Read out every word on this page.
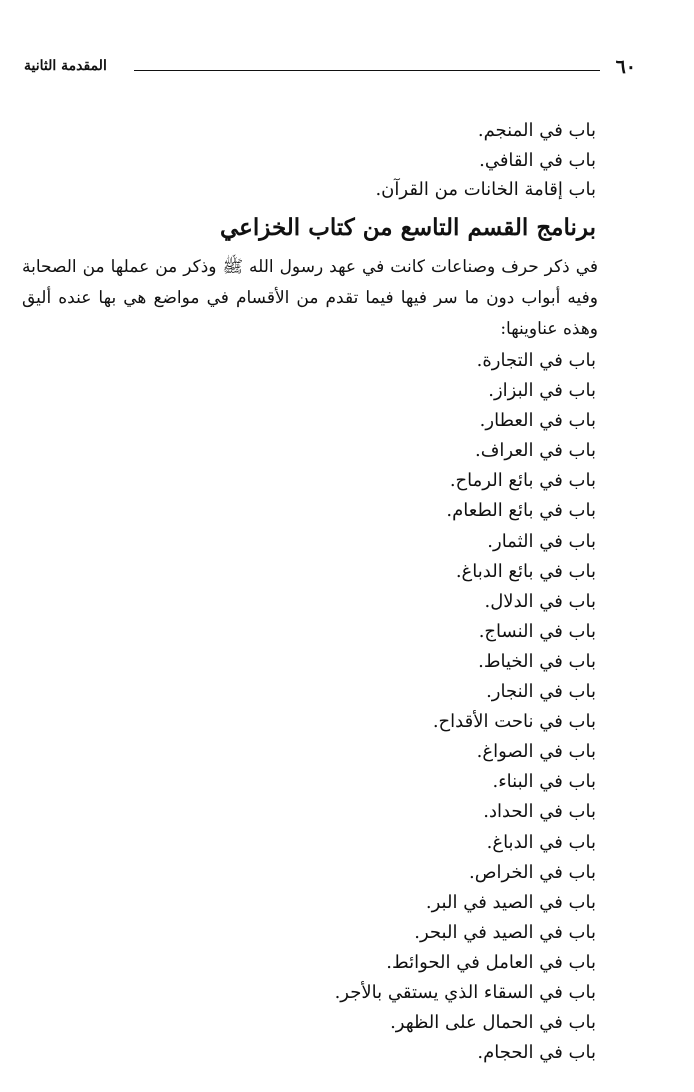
٦٠
المقدمة الثانية
باب في المنجم.
باب في القافي.
باب إقامة الخانات من القرآن.
برنامج القسم التاسع من كتاب الخزاعي

في ذكر حرف وصناعات كانت في عهد رسول الله ﷺ وذكر من عملها من الصحابة وفيه أبواب دون ما سر فيها فيما تقدم من الأقسام في مواضع هي بها عنده أليق وهذه عناوينها:

باب في التجارة.
باب في البزاز.
باب في العطار.
باب في العراف.
باب في بائع الرماح.
باب في بائع الطعام.
باب في الثمار.
باب في بائع الدباغ.
باب في الدلال.
باب في النساج.
باب في الخياط.
باب في النجار.
باب في ناحت الأقداح.
باب في الصواغ.
باب في البناء.
باب في الحداد.
باب في الدباغ.
باب في الخراص.
باب في الصيد في البر.
باب في الصيد في البحر.
باب في العامل في الحوائط.
باب في السقاء الذي يستقي بالأجر.
باب في الحمال على الظهر.
باب في الحجام.
